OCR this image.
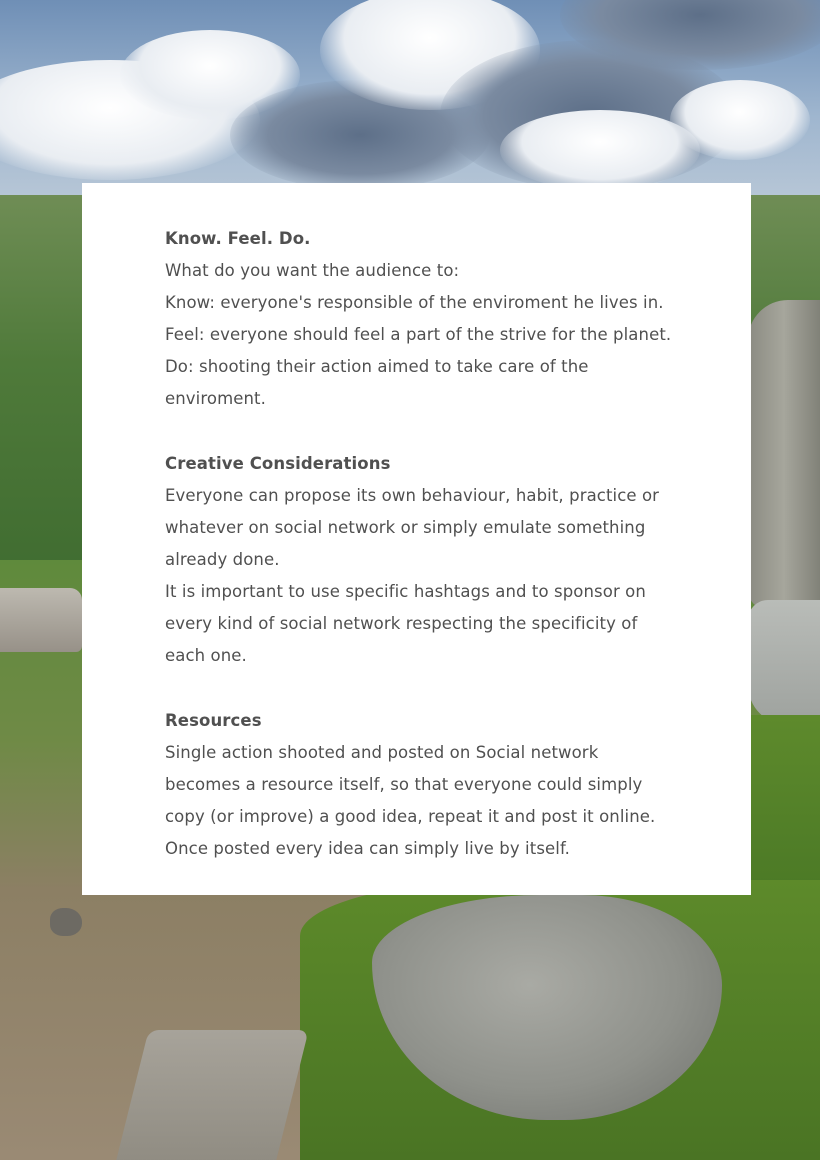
Know. Feel. Do.
What do you want the audience to:
Know: everyone's responsible of the enviroment he lives in.
Feel: everyone should feel a part of the strive for the planet.
Do: shooting their action aimed to take care of the
enviroment.
Creative Considerations
Everyone can propose its own behaviour, habit, practice or
whatever on social network or simply emulate something
already done.
It is important to use specific hashtags and to sponsor on
every kind of social network respecting the specificity of
each one.
Resources
Single action shooted and posted on Social network
becomes a resource itself, so that everyone could simply
copy (or improve) a good idea, repeat it and post it online.
Once posted every idea can simply live by itself.
